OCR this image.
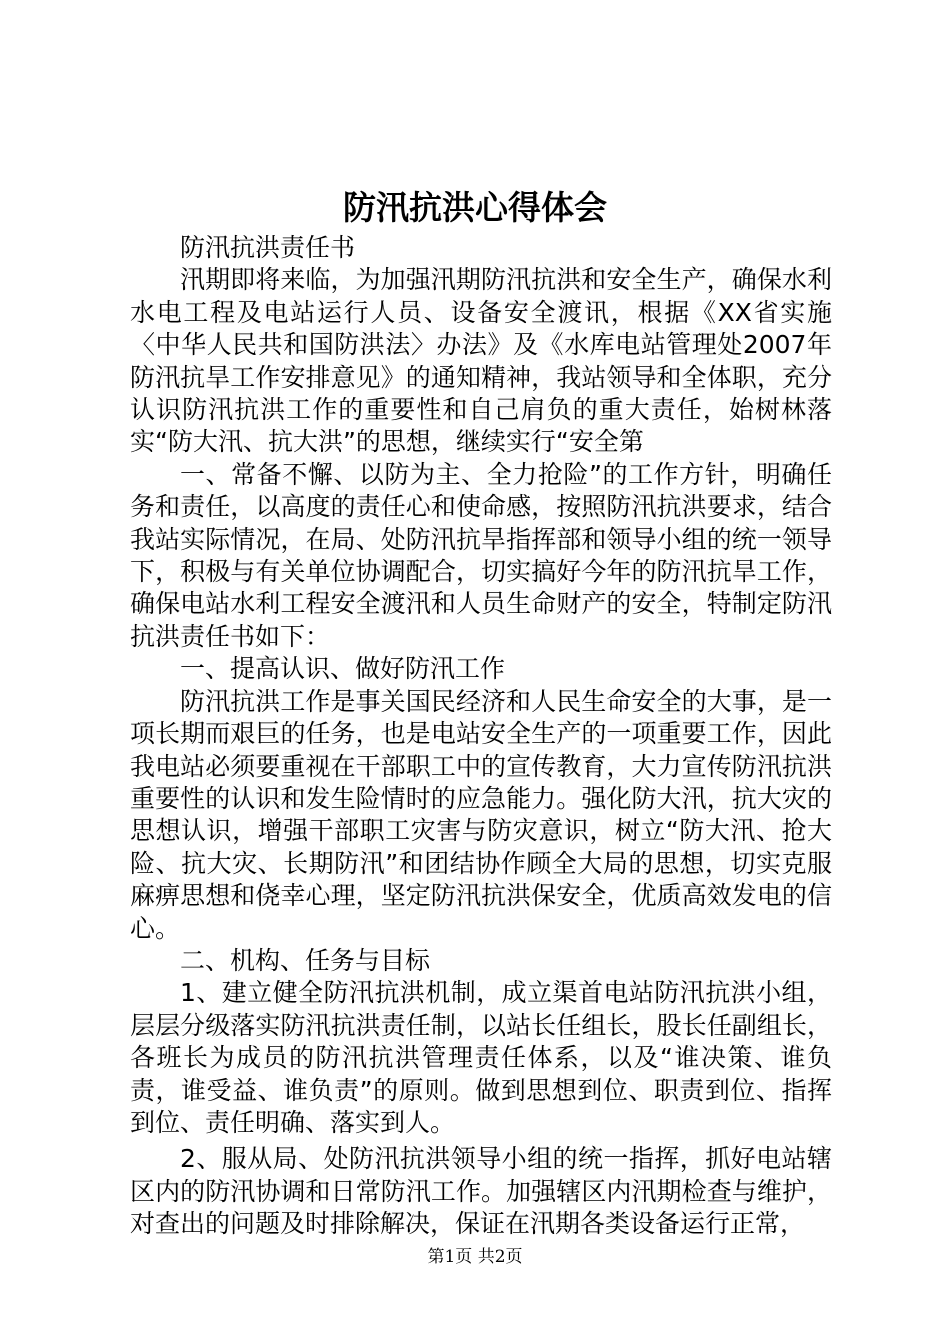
防汛抗洪心得体会

防汛抗洪责任书

汛期即将来临，为加强汛期防汛抗洪和安全生产，确保水利水电工程及电站运行人员、设备安全渡讯，根据《XX省实施〈中华人民共和国防洪法〉办法》及《水库电站管理处2007年防汛抗旱工作安排意见》的通知精神，我站领导和全体职，充分认识防汛抗洪工作的重要性和自己肩负的重大责任，始树林落实“防大汛、抗大洪”的思想，继续实行“安全第

一、常备不懈、以防为主、全力抢险”的工作方针，明确任务和责任，以高度的责任心和使命感，按照防汛抗洪要求，结合我站实际情况，在局、处防汛抗旱指挥部和领导小组的统一领导下，积极与有关单位协调配合，切实搞好今年的防汛抗旱工作，确保电站水利工程安全渡汛和人员生命财产的安全，特制定防汛抗洪责任书如下：

一、提高认识、做好防汛工作

防汛抗洪工作是事关国民经济和人民生命安全的大事，是一项长期而艰巨的任务，也是电站安全生产的一项重要工作，因此我电站必须要重视在干部职工中的宣传教育，大力宣传防汛抗洪重要性的认识和发生险情时的应急能力。强化防大汛，抗大灾的思想认识，增强干部职工灾害与防灾意识，树立“防大汛、抢大险、抗大灾、长期防汛”和团结协作顾全大局的思想，切实克服麻痹思想和侥幸心理，坚定防汛抗洪保安全，优质高效发电的信心。

二、机构、任务与目标

1、建立健全防汛抗洪机制，成立渠首电站防汛抗洪小组，层层分级落实防汛抗洪责任制，以站长任组长，股长任副组长，各班长为成员的防汛抗洪管理责任体系，以及“谁决策、谁负责，谁受益、谁负责”的原则。做到思想到位、职责到位、指挥到位、责任明确、落实到人。

2、服从局、处防汛抗洪领导小组的统一指挥，抓好电站辖区内的防汛协调和日常防汛工作。加强辖区内汛期检查与维护，对查出的问题及时排除解决，保证在汛期各类设备运行正常，

第1页 共2页
